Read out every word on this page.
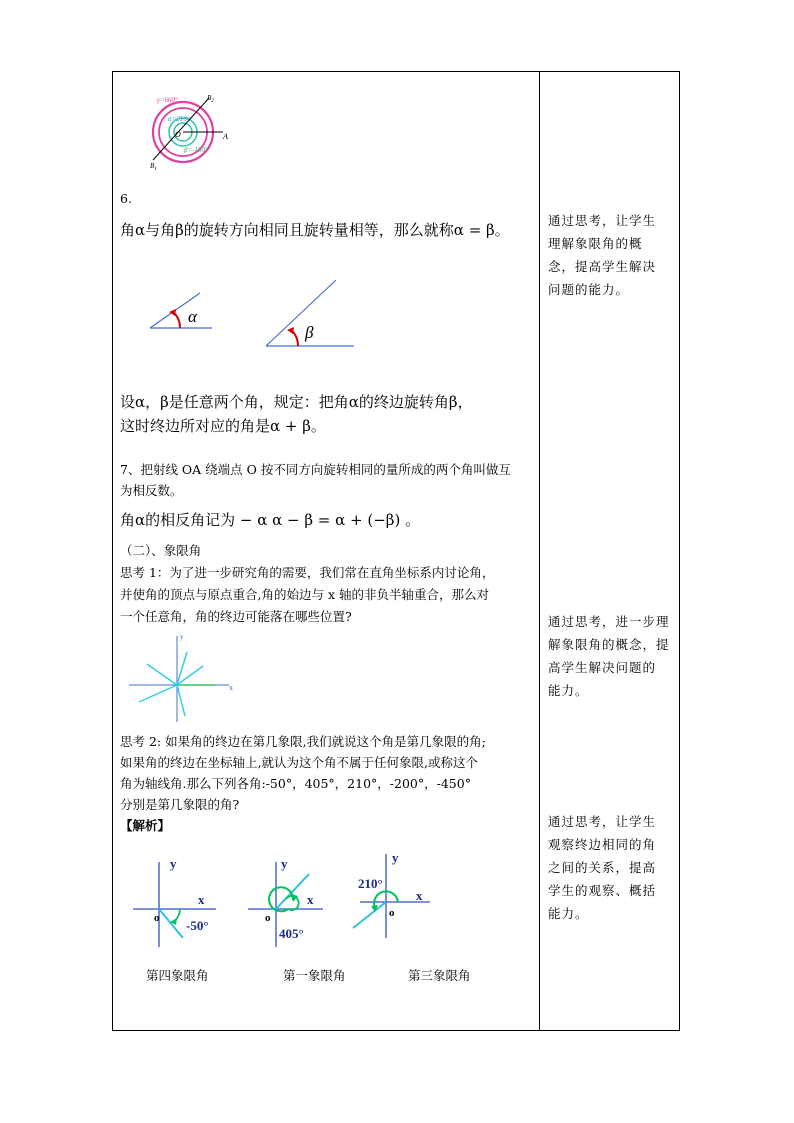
γ=660°
α=210°
β=-150°
O	A
$B_1$
$B_2$
6.
角α与角β的旋转方向相同且旋转量相等，那么就称α = β。
α
β
设α，β是任意两个角，规定：把角α的终边旋转角β，
这时终边所对应的角是α + β。
7、把射线 OA 绕端点 O 按不同方向旋转相同的量所成的两个角叫做互
为相反数。
角α的相反角记为 − α α − β = α + (−β) 。
（二）、象限角
思考 1：为了进一步研究角的需要，我们常在直角坐标系内讨论角，
并使角的顶点与原点重合,角的始边与 x 轴的非负半轴重合，那么对
一个任意角，角的终边可能落在哪些位置?
y
x
思考 2: 如果角的终边在第几象限,我们就说这个角是第几象限的角;
如果角的终边在坐标轴上,就认为这个角不属于任何象限,或称这个
角为轴线角.那么下列各角:-50°，405°，210°，-200°，-450°
分别是第几象限的角?
【解析】
y
x
o -50°
第四象限角
y
x
o
405°
第一象限角
y
x
o
210°
第三象限角
通过思考，让学生
理解象限角的概
念，提高学生解决
问题的能力。
通过思考，进一步理
解象限角的概念，提
高学生解决问题的
能力。
通过思考，让学生
观察终边相同的角
之间的关系，提高
学生的观察、概括
能力。
